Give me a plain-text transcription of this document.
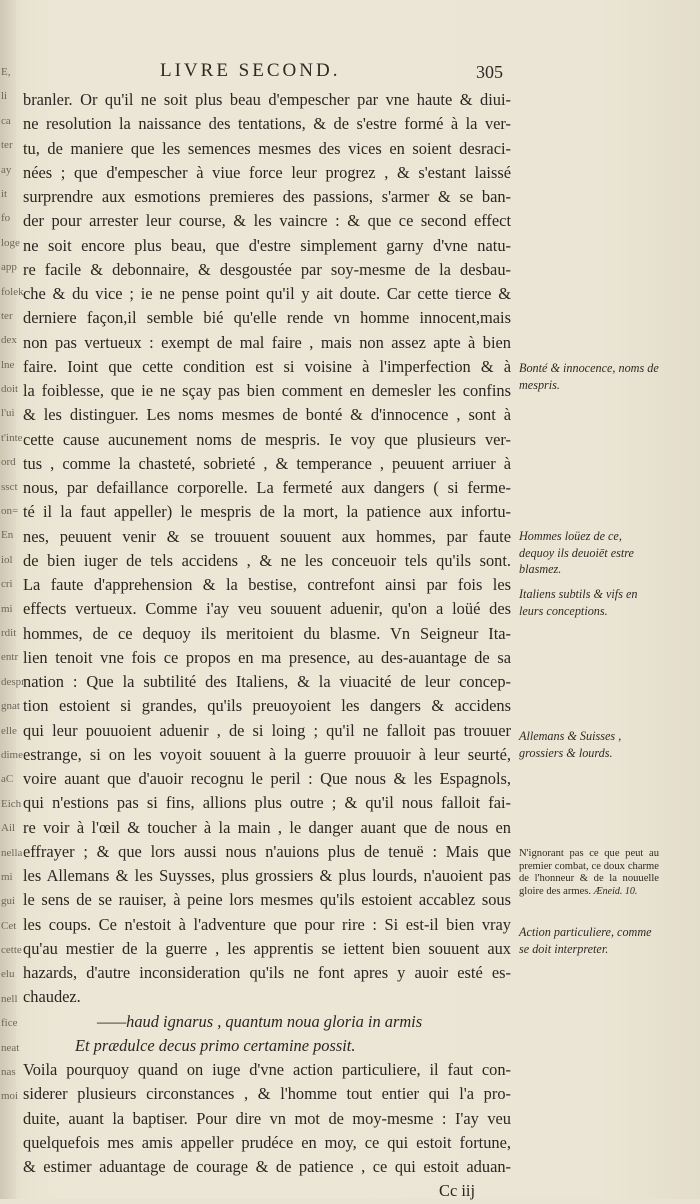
E,
li
ca
ter
ay
it
fo
loge
app
folek
ter
dex
lne
doit
l'ui
t'inte
ord
ssct
on=
En
iol
cri
mi
rdit
entr
despr
gnat
elle
dime
aC
Eich
Ail
nella
mi
gui
Cet
cette
elu
nell
fice
neat
nas
moi
LIVRE SECOND.	305
branler. Or qu'il ne soit plus beau d'empescher par vne haute & diui-
ne resolution la naissance des tentations, & de s'estre formé à la ver-
tu, de maniere que les semences mesmes des vices en soient desraci-
nées ; que d'empescher à viue force leur progrez , & s'estant laissé
surprendre aux esmotions premieres des passions, s'armer & se ban-
der pour arrester leur course, & les vaincre : & que ce second effect
ne soit encore plus beau, que d'estre simplement garny d'vne natu-
re facile & debonnaire, & desgoustée par soy-mesme de la desbau-
che & du vice ; ie ne pense point qu'il y ait doute. Car cette tierce &
derniere façon,il semble bié qu'elle rende vn homme innocent,mais
non pas vertueux : exempt de mal faire , mais non assez apte à bien
faire. Ioint que cette condition est si voisine à l'imperfection & à
la foiblesse, que ie ne sçay pas bien comment en demesler les confins
& les distinguer. Les noms mesmes de bonté & d'innocence , sont à
cette cause aucunement noms de mespris. Ie voy que plusieurs ver-
tus , comme la chasteté, sobrieté , & temperance , peuuent arriuer à
nous, par defaillance corporelle. La fermeté aux dangers ( si ferme-
té il la faut appeller) le mespris de la mort, la patience aux infortu-
nes, peuuent venir & se trouuent souuent aux hommes, par faute
de bien iuger de tels accidens , & ne les conceuoir tels qu'ils sont.
La faute d'apprehension & la bestise, contrefont ainsi par fois les
effects vertueux. Comme i'ay veu souuent aduenir, qu'on a loüé des
hommes, de ce dequoy ils meritoient du blasme. Vn Seigneur Ita-
lien tenoit vne fois ce propos en ma presence, au des-auantage de sa
nation : Que la subtilité des Italiens, & la viuacité de leur concep-
tion estoient si grandes, qu'ils preuoyoient les dangers & accidens
qui leur pouuoient aduenir , de si loing ; qu'il ne falloit pas trouuer
estrange, si on les voyoit souuent à la guerre prouuoir à leur seurté,
voire auant que d'auoir recognu le peril : Que nous & les Espagnols,
qui n'estions pas si fins, allions plus outre ; & qu'il nous falloit fai-
re voir à l'œil & toucher à la main , le danger auant que de nous en
effrayer ; & que lors aussi nous n'auions plus de tenuë : Mais que
les Allemans & les Suysses, plus grossiers & plus lourds, n'auoient pas
le sens de se rauiser, à peine lors mesmes qu'ils estoient accablez sous
les coups. Ce n'estoit à l'adventure que pour rire : Si est-il bien vray
qu'au mestier de la guerre , les apprentis se iettent bien souuent aux
hazards, d'autre inconsideration qu'ils ne font apres y auoir esté es-
chaudez.
——haud ignarus , quantum noua gloria in armis
Et prædulce decus primo certamine possit.
Voila pourquoy quand on iuge d'vne action particuliere, il faut con-
siderer plusieurs circonstances , & l'homme tout entier qui l'a pro-
duite, auant la baptiser. Pour dire vn mot de moy-mesme : I'ay veu
quelquefois mes amis appeller prudéce en moy, ce qui estoit fortune,
& estimer aduantage de courage & de patience , ce qui estoit aduan-
Cc iij
Bonté & innocence, noms de mespris.
Hommes loüez de ce, dequoy ils deuoiēt estre blasmez.
Italiens subtils & vifs en leurs conceptions.
Allemans & Suisses , grossiers & lourds.
N'ignorant pas ce que peut au premier combat, ce doux charme de l'honneur & de la nouuelle gloire des armes. Æneid. 10.
Action particuliere, comme se doit interpreter.
